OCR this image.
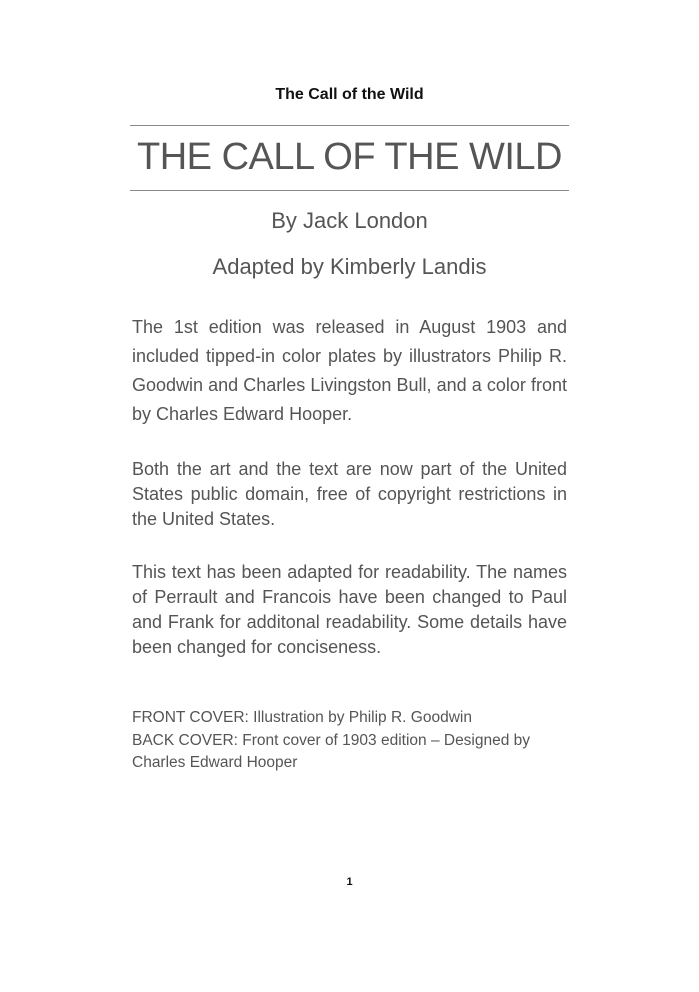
The Call of the Wild
THE CALL OF THE WILD
By Jack London
Adapted by Kimberly Landis

The 1st edition was released in August 1903 and included tipped-in color plates by illustrators Philip R. Goodwin and Charles Livingston Bull, and a color front by Charles Edward Hooper.

Both the art and the text are now part of the United States public domain, free of copyright restrictions in the United States.

This text has been adapted for readability. The names of Perrault and Francois have been changed to Paul and Frank for additonal readability. Some details have been changed for conciseness.

FRONT COVER: Illustration by Philip R. Goodwin
BACK COVER: Front cover of 1903 edition – Designed by Charles Edward Hooper
1
